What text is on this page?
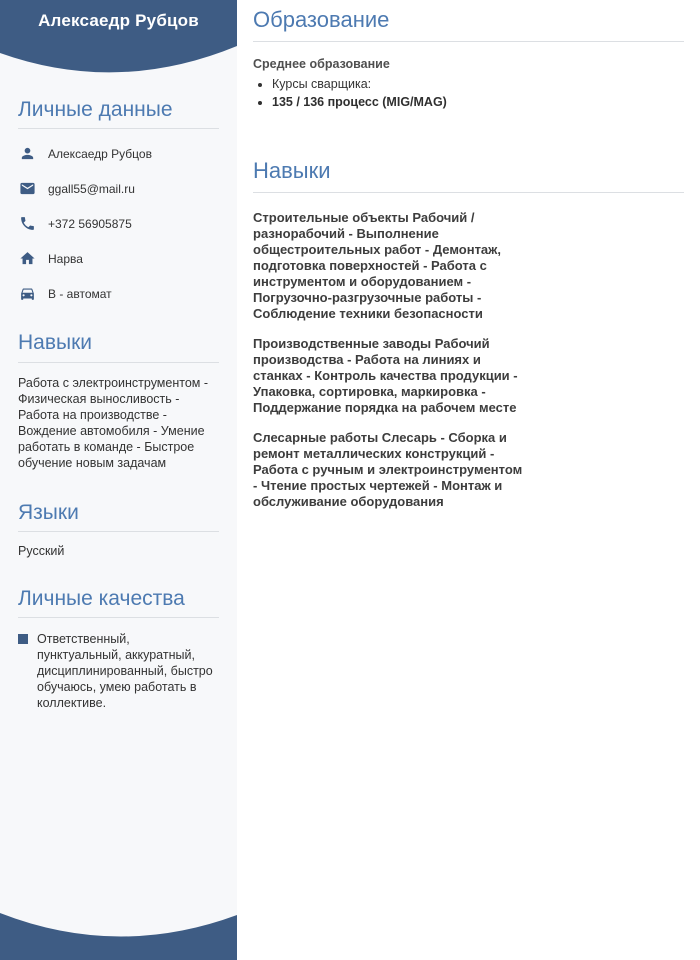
Алексаедр Рубцов
Личные данные
Алексаедр Рубцов
ggall55@mail.ru
+372 56905875
Нарва
B - автомат
Навыки
Работа с электроинструментом - Физическая выносливость - Работа на производстве - Вождение автомобиля - Умение работать в команде - Быстрое обучение новым задачам
Языки
Русский
Личные качества
Ответственный, пунктуальный, аккуратный, дисциплинированный, быстро обучаюсь, умею работать в коллективе.
Образование
Среднее образование
• Курсы сварщика:
• 135 / 136 процесс (MIG/MAG)
Навыки

Строительные объекты Рабочий / разнорабочий - Выполнение общестроительных работ - Демонтаж, подготовка поверхностей - Работа с инструментом и оборудованием - Погрузочно-разгрузочные работы - Соблюдение техники безопасности

Производственные заводы Рабочий производства - Работа на линиях и станках - Контроль качества продукции - Упаковка, сортировка, маркировка - Поддержание порядка на рабочем месте

Слесарные работы Слесарь - Сборка и ремонт металлических конструкций - Работа с ручным и электроинструментом - Чтение простых чертежей - Монтаж и обслуживание оборудования
